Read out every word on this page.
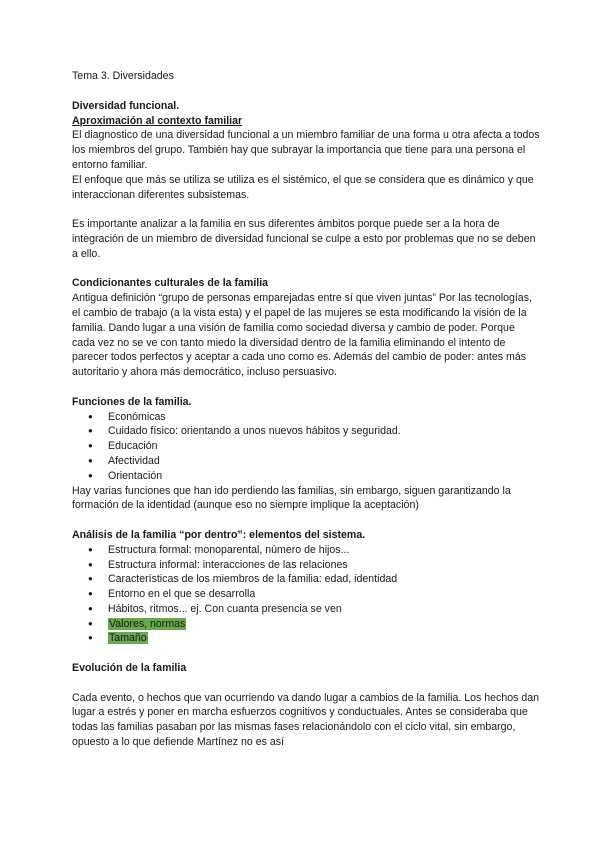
Tema 3. Diversidades

Diversidad funcional.

Aproximación al contexto familiar

El diagnostico de una diversidad funcional a un miembro familiar de una forma u otra afecta a todos los miembros del grupo. También hay que subrayar la importancia que tiene para una persona el entorno familiar.

El enfoque que más se utiliza se utiliza es el sistémico, el que se considera que es dinámico y que interaccionan diferentes subsistemas.

Es importante analizar a la familia en sus diferentes ámbitos porque puede ser a la hora de integración de un miembro de diversidad funcional se culpe a esto por problemas que no se deben a ello.

Condicionantes culturales de la familia

Antigua definición “grupo de personas emparejadas entre sí que viven juntas” Por las tecnologías, el cambio de trabajo (a la vista esta) y el papel de las mujeres se esta modificando la visión de la familia. Dando lugar a una visión de familia como sociedad diversa y cambio de poder. Porque cada vez no se ve con tanto miedo la diversidad dentro de la familia eliminando el intento de parecer todos perfectos y aceptar a cada uno como es. Además del cambio de poder: antes más autoritario y ahora más democrático, incluso persuasivo.

Funciones de la familia.

● Económicas
● Cuidado físico: orientando a unos nuevos hábitos y seguridad.
● Educación
● Afectividad
● Orientación

Hay varias funciones que han ido perdiendo las familias, sin embargo, siguen garantizando la formación de la identidad (aunque eso no siempre implique la aceptación)

Análisis de la familia “por dentro”: elementos del sistema.

● Estructura formal: monoparental, número de hijos...
● Estructura informal: interacciones de las relaciones
● Características de los miembros de la familia: edad, identidad
● Entorno en el que se desarrolla
● Hábitos, ritmos... ej. Con cuanta presencia se ven
● Valores, normas
● Tamaño

Evolución de la familia

Cada evento, o hechos que van ocurriendo va dando lugar a cambios de la familia. Los hechos dan lugar a estrés y poner en marcha esfuerzos cognitivos y conductuales. Antes se consideraba que todas las familias pasaban por las mismas fases relacionándolo con el ciclo vital, sin embargo, opuesto a lo que defiende Martínez no es así
